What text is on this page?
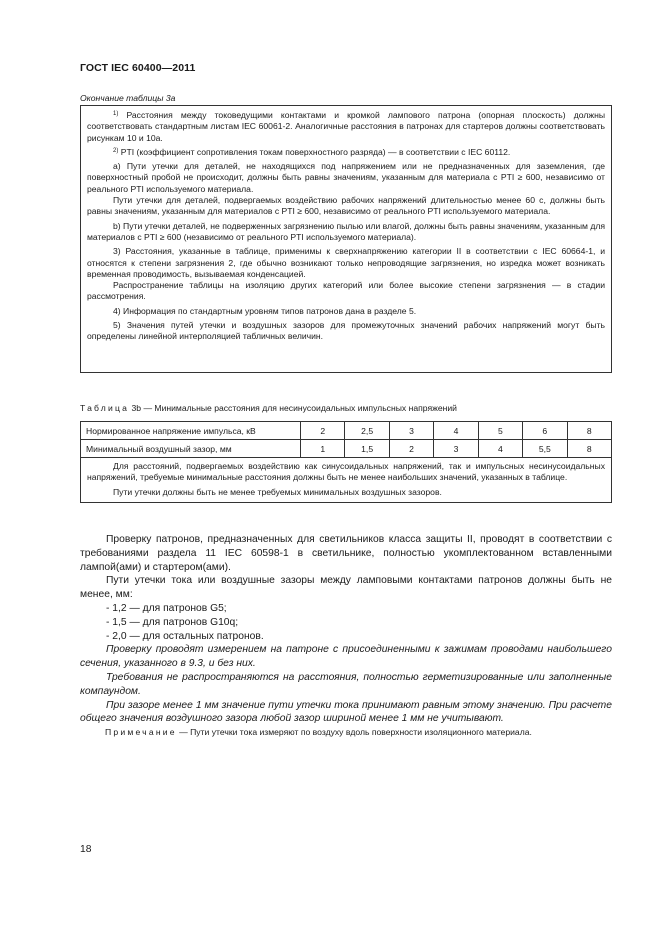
ГОСТ IEC 60400—2011
Окончание таблицы 3а

$^{1)}$ Расстояния между токоведущими контактами и кромкой лампового патрона (опорная плоскость) должны соответствовать стандартным листам IEC 60061-2. Аналогичные расстояния в патронах для стартеров должны соответствовать рисункам 10 и 10а.

$^{2)}$ PTI (коэффициент сопротивления токам поверхностного разряда) — в соответствии с IEC 60112.

а) Пути утечки для деталей, не находящихся под напряжением или не предназначенных для заземления, где поверхностный пробой не происходит, должны быть равны значениям, указанным для материала с PTI ≥ 600, независимо от реального PTI используемого материала.

Пути утечки для деталей, подвергаемых воздействию рабочих напряжений длительностью менее 60 с, должны быть равны значениям, указанным для материалов с PTI ≥ 600, независимо от реального PTI используемого материала.

b) Пути утечки деталей, не подверженных загрязнению пылью или влагой, должны быть равны значениям, указанным для материалов с PTI ≥ 600 (независимо от реального PTI используемого материала).

3) Расстояния, указанные в таблице, применимы к сверхнапряжению категории II в соответствии с IEC 60664-1, и относятся к степени загрязнения 2, где обычно возникают только непроводящие загрязнения, но изредка может возникать временная проводимость, вызываемая конденсацией.

Распространение таблицы на изоляцию других категорий или более высокие степени загрязнения — в стадии рассмотрения.

4) Информация по стандартным уровням типов патронов дана в разделе 5.

5) Значения путей утечки и воздушных зазоров для промежуточных значений рабочих напряжений могут быть определены линейной интерполяцией табличных величин.

Таблица 3b — Минимальные расстояния для несинусоидальных импульсных напряжений
Нормированное напряжение импульса, кВ	2	2,5	3	4	5	6	8
Минимальный воздушный зазор, мм	1	1,5	2	3	4	5,5	8

Для расстояний, подвергаемых воздействию как синусоидальных напряжений, так и импульсных несинусоидальных напряжений, требуемые минимальные расстояния должны быть не менее наибольших значений, указанных в таблице.

Пути утечки должны быть не менее требуемых минимальных воздушных зазоров.							

Проверку патронов, предназначенных для светильников класса защиты II, проводят в соответствии с требованиями раздела 11 IEC 60598-1 в светильнике, полностью укомплектованном вставленными лампой(ами) и стартером(ами).

Пути утечки тока или воздушные зазоры между ламповыми контактами патронов должны быть не менее, мм:

- 1,2 — для патронов G5;

- 1,5 — для патронов G10q;

- 2,0 — для остальных патронов.

Проверку проводят измерением на патроне с присоединенными к зажимам проводами наибольшего сечения, указанного в 9.3, и без них.

Требования не распространяются на расстояния, полностью герметизированные или заполненные компаундом.

При зазоре менее 1 мм значение пути утечки тока принимают равным этому значению. При расчете общего значения воздушного зазора любой зазор шириной менее 1 мм не учитывают.

Примечание — Пути утечки тока измеряют по воздуху вдоль поверхности изоляционного материала.
18
